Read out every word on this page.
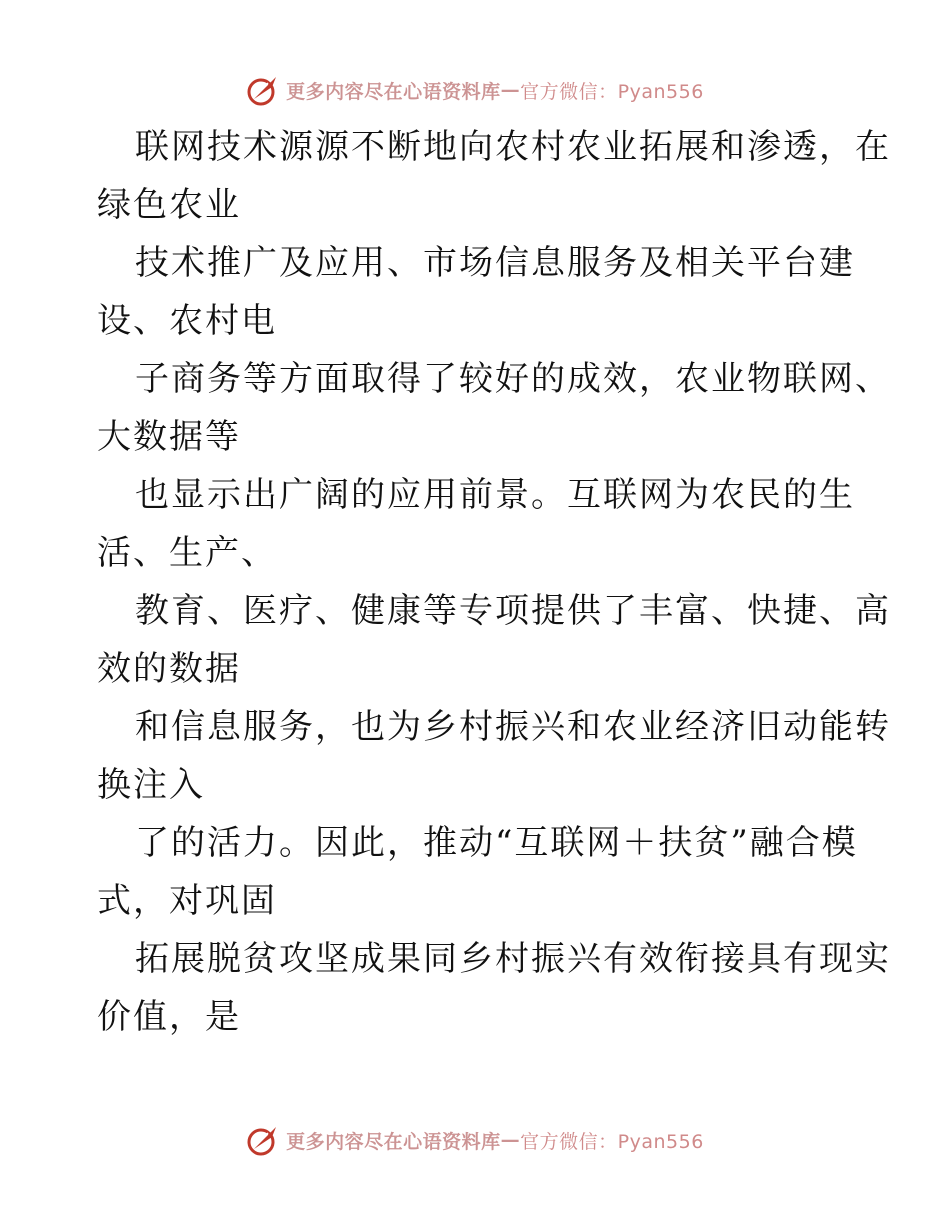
更多内容尽在心语资料库 — 官方微信：Pyan556
联网技术源源不断地向农村农业拓展和渗透，在
绿色农业
技术推广及应用、市场信息服务及相关平台建
设、农村电
子商务等方面取得了较好的成效，农业物联网、
大数据等
也显示出广阔的应用前景。互联网为农民的生
活、生产、
教育、医疗、健康等专项提供了丰富、快捷、高
效的数据
和信息服务，也为乡村振兴和农业经济旧动能转
换注入
了的活力。因此，推动“互联网＋扶贫”融合模
式，对巩固
拓展脱贫攻坚成果同乡村振兴有效衔接具有现实
价值，是
更多内容尽在心语资料库 — 官方微信：Pyan556
